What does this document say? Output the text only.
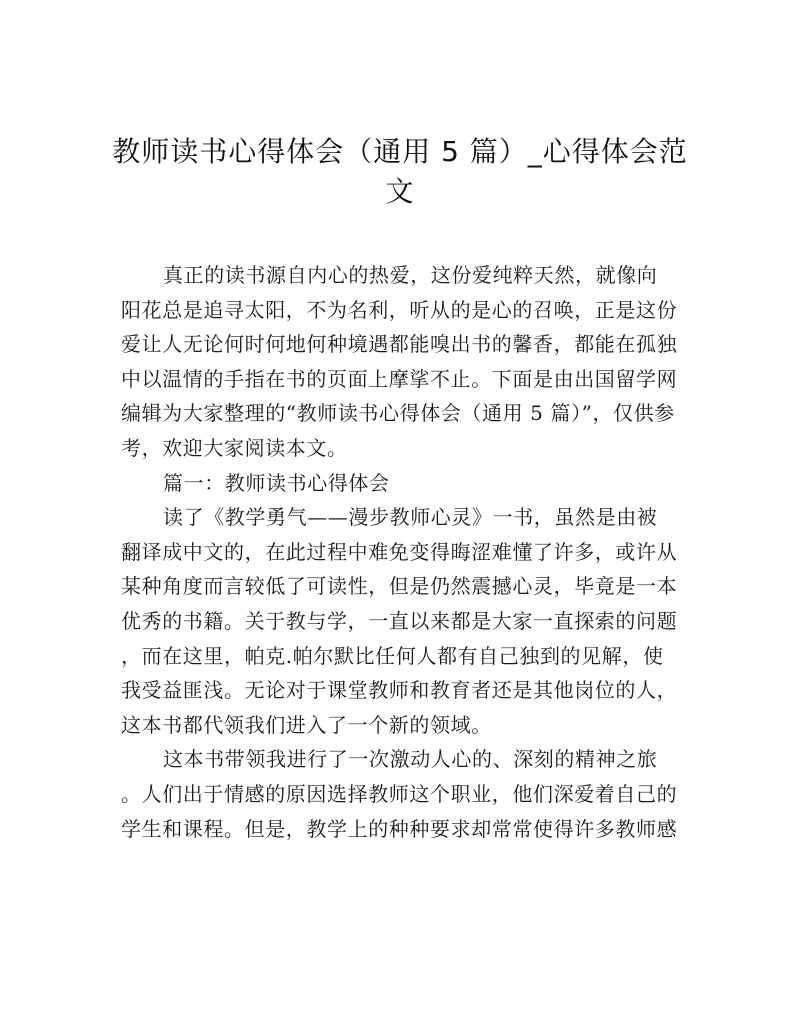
教师读书心得体会（通用 5 篇）_心得体会范
文
真正的读书源自内心的热爱，这份爱纯粹天然，就像向
阳花总是追寻太阳，不为名利，听从的是心的召唤，正是这份
爱让人无论何时何地何种境遇都能嗅出书的馨香，都能在孤独
中以温情的手指在书的页面上摩挲不止。下面是由出国留学网
编辑为大家整理的“教师读书心得体会（通用 5 篇）”，仅供参
考，欢迎大家阅读本文。
篇一：教师读书心得体会
读了《教学勇气——漫步教师心灵》一书，虽然是由被
翻译成中文的，在此过程中难免变得晦涩难懂了许多，或许从
某种角度而言较低了可读性，但是仍然震撼心灵，毕竟是一本
优秀的书籍。关于教与学，一直以来都是大家一直探索的问题
，而在这里，帕克.帕尔默比任何人都有自己独到的见解，使
我受益匪浅。无论对于课堂教师和教育者还是其他岗位的人，
这本书都代领我们进入了一个新的领域。
这本书带领我进行了一次激动人心的、深刻的精神之旅
。人们出于情感的原因选择教师这个职业，他们深爱着自己的
学生和课程。但是，教学上的种种要求却常常使得许多教师感
